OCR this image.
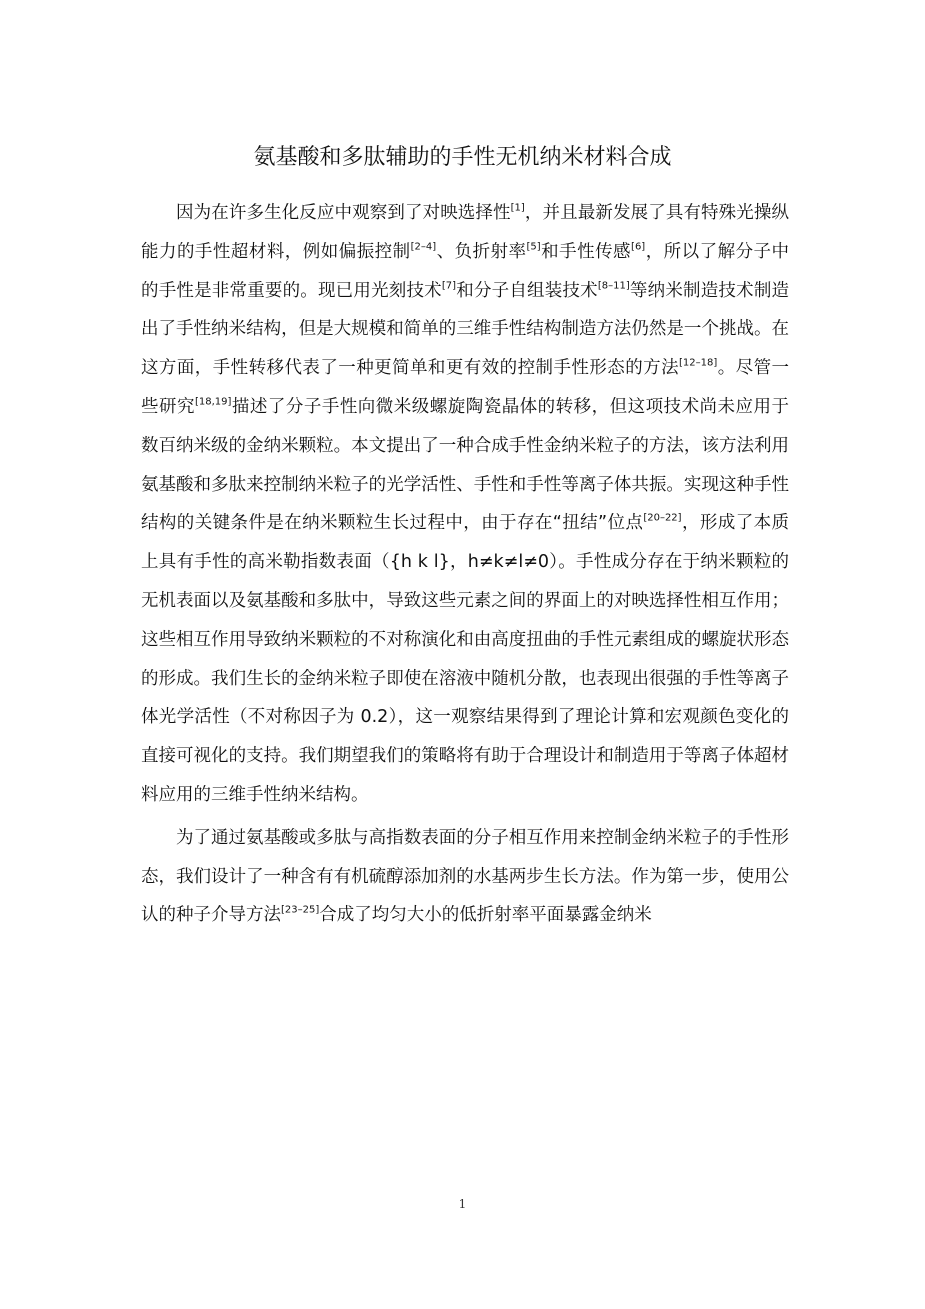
氨基酸和多肽辅助的手性无机纳米材料合成

因为在许多生化反应中观察到了对映选择性[1]，并且最新发展了具有特殊光操纵能力的手性超材料，例如偏振控制[2–4]、负折射率[5]和手性传感[6]，所以了解分子中的手性是非常重要的。现已用光刻技术[7]和分子自组装技术[8–11]等纳米制造技术制造出了手性纳米结构，但是大规模和简单的三维手性结构制造方法仍然是一个挑战。在这方面，手性转移代表了一种更简单和更有效的控制手性形态的方法[12–18]。尽管一些研究[18,19]描述了分子手性向微米级螺旋陶瓷晶体的转移，但这项技术尚未应用于数百纳米级的金纳米颗粒。本文提出了一种合成手性金纳米粒子的方法，该方法利用氨基酸和多肽来控制纳米粒子的光学活性、手性和手性等离子体共振。实现这种手性结构的关键条件是在纳米颗粒生长过程中，由于存在“扭结”位点[20–22]，形成了本质上具有手性的高米勒指数表面（{h k l}，h≠k≠l≠0）。手性成分存在于纳米颗粒的无机表面以及氨基酸和多肽中，导致这些元素之间的界面上的对映选择性相互作用；这些相互作用导致纳米颗粒的不对称演化和由高度扭曲的手性元素组成的螺旋状形态的形成。我们生长的金纳米粒子即使在溶液中随机分散，也表现出很强的手性等离子体光学活性（不对称因子为 0.2），这一观察结果得到了理论计算和宏观颜色变化的直接可视化的支持。我们期望我们的策略将有助于合理设计和制造用于等离子体超材料应用的三维手性纳米结构。

为了通过氨基酸或多肽与高指数表面的分子相互作用来控制金纳米粒子的手性形态，我们设计了一种含有有机硫醇添加剂的水基两步生长方法。作为第一步，使用公认的种子介导方法[23–25]合成了均匀大小的低折射率平面暴露金纳米

1
